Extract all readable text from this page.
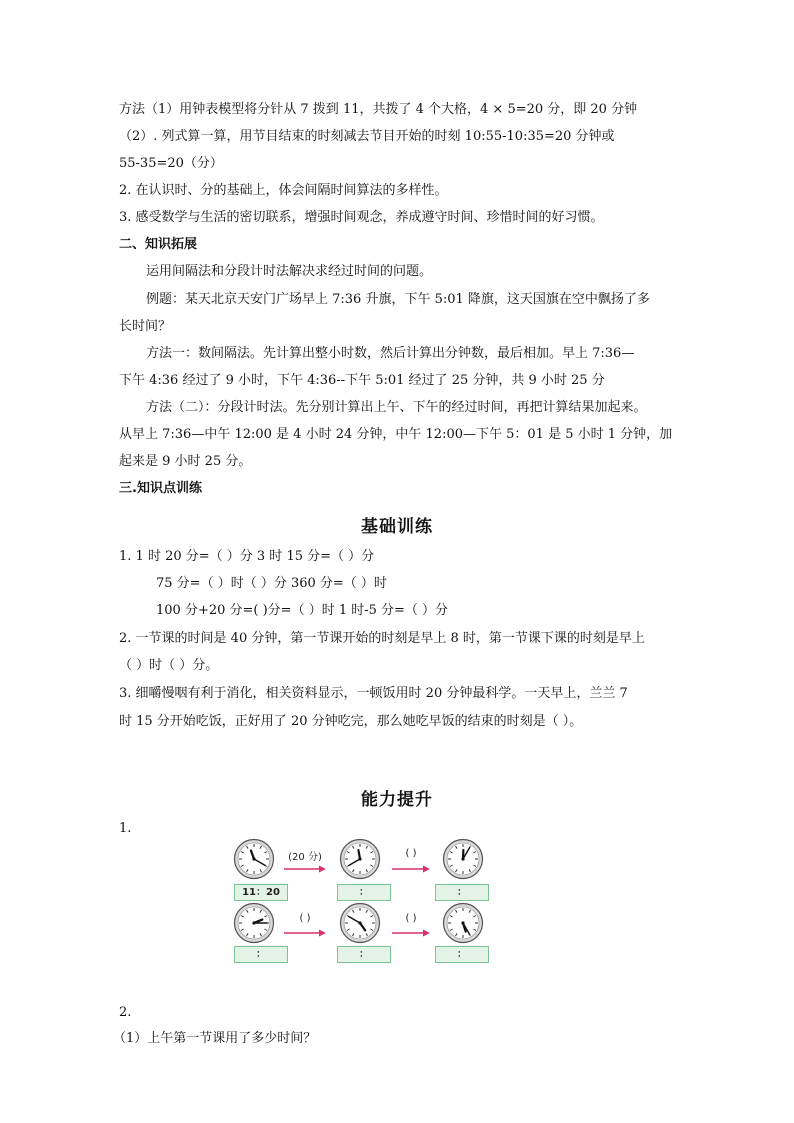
方法（1）用钟表模型将分针从 7 拨到 11，共拨了 4 个大格，4 × 5=20 分，即 20 分钟
（2）. 列式算一算，用节目结束的时刻减去节目开始的时刻 10:55-10:35=20 分钟或
55-35=20（分）
2. 在认识时、分的基础上，体会间隔时间算法的多样性。
3. 感受数学与生活的密切联系，增强时间观念，养成遵守时间、珍惜时间的好习惯。
二、知识拓展
运用间隔法和分段计时法解决求经过时间的问题。
例题：某天北京天安门广场早上 7:36 升旗，下午 5:01 降旗，这天国旗在空中飘扬了多
长时间？
方法一：数间隔法。先计算出整小时数，然后计算出分钟数，最后相加。早上 7:36—
下午 4:36 经过了 9 小时，下午 4:36--下午 5:01 经过了 25 分钟，共 9 小时 25 分
方法（二）：分段计时法。先分别计算出上午、下午的经过时间，再把计算结果加起来。
从早上 7:36—中午 12:00 是 4 小时 24 分钟，中午 12:00—下午 5：01 是 5 小时 1 分钟，加
起来是 9 小时 25 分。
三.知识点训练
基础训练
1. 1 时 20 分=（ ）分 3 时 15 分=（ ）分
75 分=（ ）时（ ）分 360 分=（ ）时
100 分+20 分=( )分=（ ）时 1 时-5 分=（ ）分
2. 一节课的时间是 40 分钟，第一节课开始的时刻是早上 8 时，第一节课下课的时刻是早上
（ ）时（ ）分。
3. 细嚼慢咽有利于消化，相关资料显示，一顿饭用时 20 分钟最科学。一天早上，兰兰 7
时 15 分开始吃饭，正好用了 20 分钟吃完，那么她吃早饭的结束的时刻是（ ）。
能力提升
1.
11：20	：	：
：	：	：
(20 分)	( )
( )	( )
2.
（1）上午第一节课用了多少时间？
